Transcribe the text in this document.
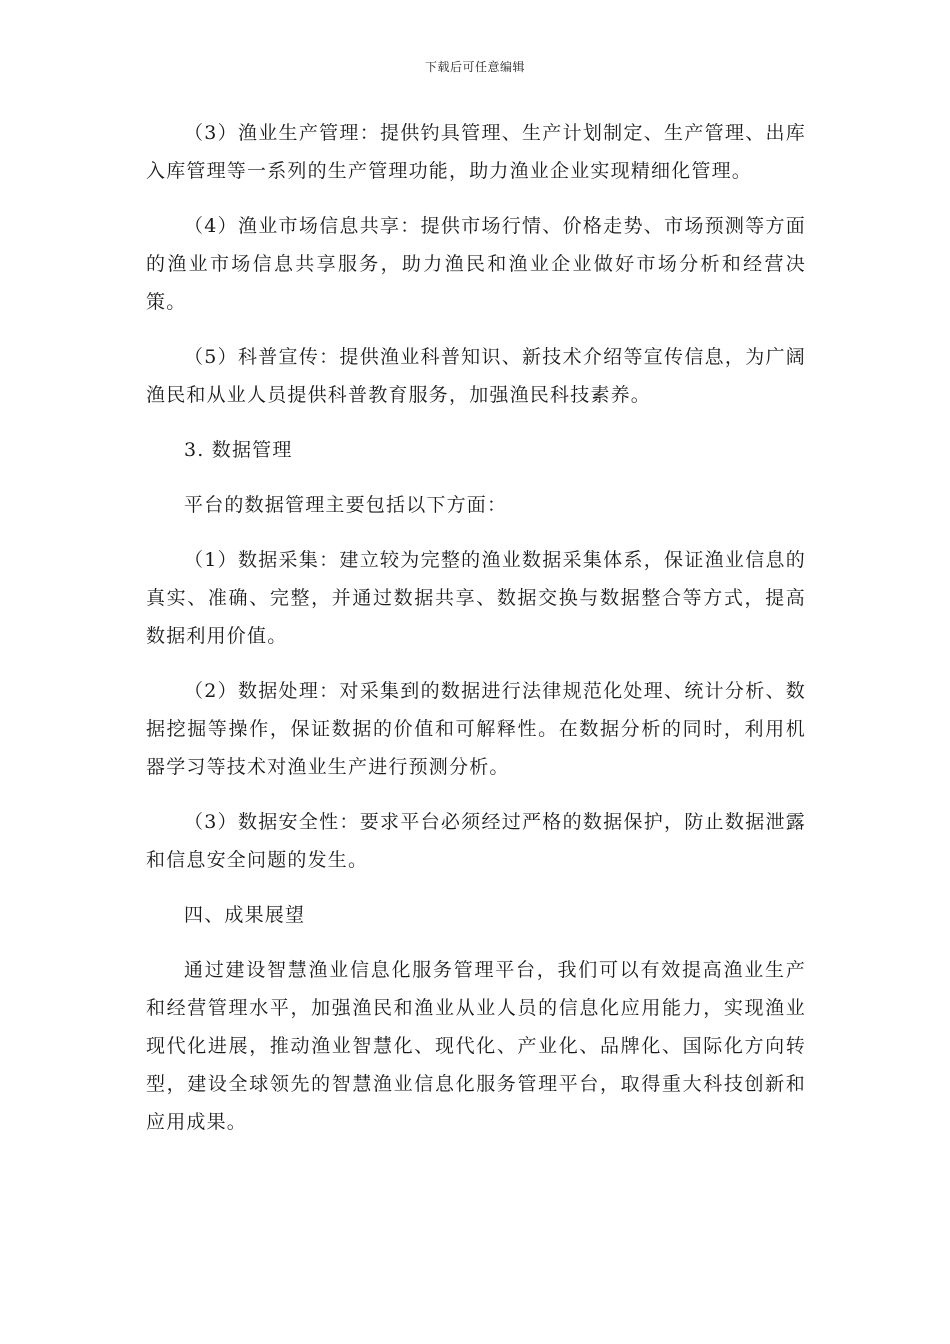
下载后可任意编辑

（3）渔业生产管理：提供钓具管理、生产计划制定、生产管理、出库入库管理等一系列的生产管理功能，助力渔业企业实现精细化管理。

（4）渔业市场信息共享：提供市场行情、价格走势、市场预测等方面的渔业市场信息共享服务，助力渔民和渔业企业做好市场分析和经营决策。

（5）科普宣传：提供渔业科普知识、新技术介绍等宣传信息，为广阔渔民和从业人员提供科普教育服务，加强渔民科技素养。

3. 数据管理

平台的数据管理主要包括以下方面：

（1）数据采集：建立较为完整的渔业数据采集体系，保证渔业信息的真实、准确、完整，并通过数据共享、数据交换与数据整合等方式，提高数据利用价值。

（2）数据处理：对采集到的数据进行法律规范化处理、统计分析、数据挖掘等操作，保证数据的价值和可解释性。在数据分析的同时，利用机器学习等技术对渔业生产进行预测分析。

（3）数据安全性：要求平台必须经过严格的数据保护，防止数据泄露和信息安全问题的发生。

四、成果展望

通过建设智慧渔业信息化服务管理平台，我们可以有效提高渔业生产和经营管理水平，加强渔民和渔业从业人员的信息化应用能力，实现渔业现代化进展，推动渔业智慧化、现代化、产业化、品牌化、国际化方向转型，建设全球领先的智慧渔业信息化服务管理平台，取得重大科技创新和应用成果。
